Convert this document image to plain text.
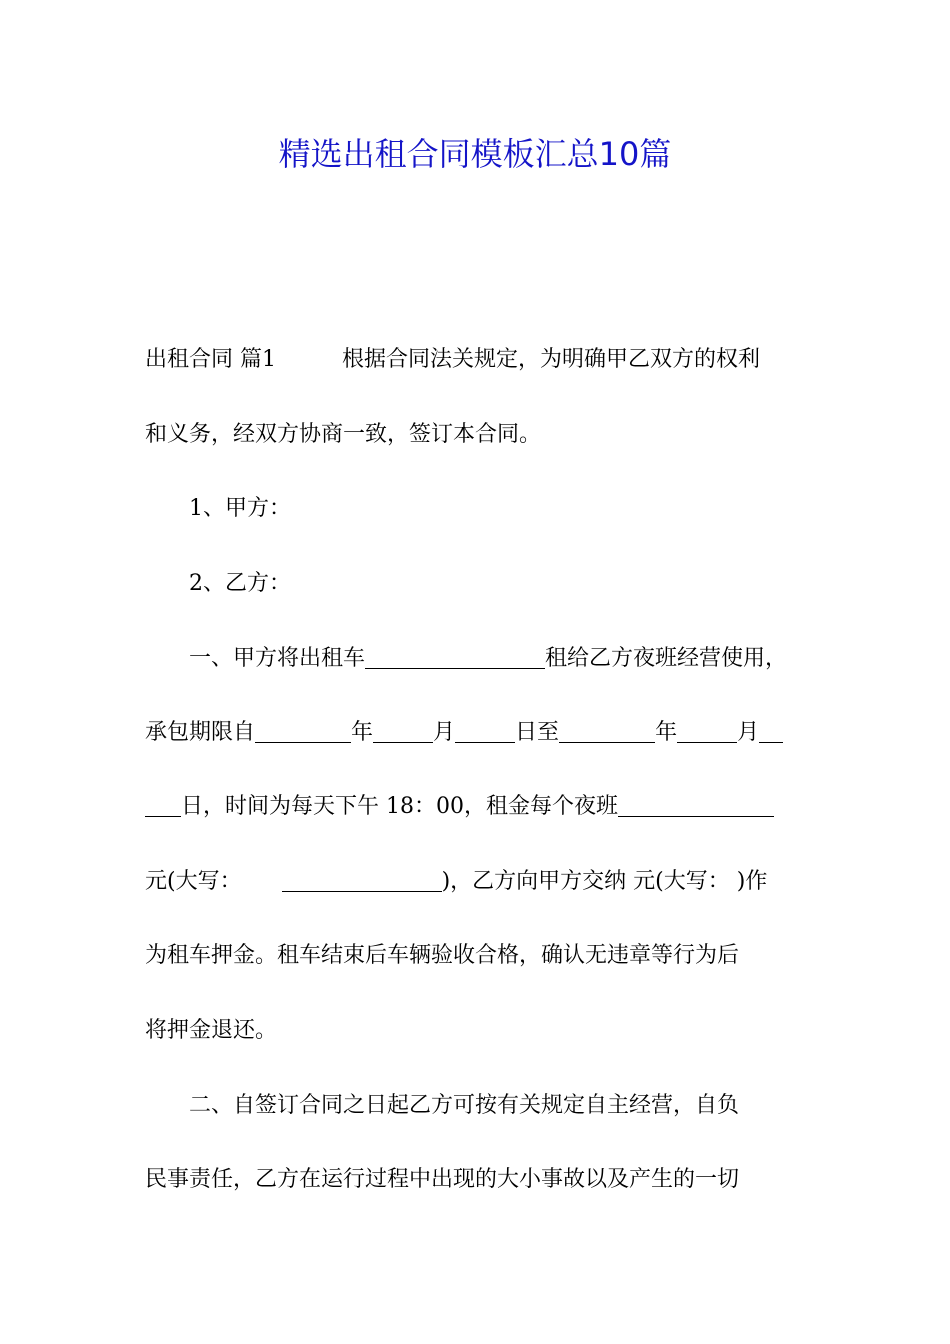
精选出租合同模板汇总10篇

出租合同 篇1　　　根据合同法关规定，为明确甲乙双方的权利

和义务，经双方协商一致，签订本合同。

　　1、甲方：

　　2、乙方：

　　一、甲方将出租车	租给乙方夜班经营使用，

承包期限自	年	月	日至	年	月

日，时间为每天下午 18：00，租金每个夜班

元(大写：	)，乙方向甲方交纳 元(大写： )作

为租车押金。租车结束后车辆验收合格，确认无违章等行为后

将押金退还。

　　二、自签订合同之日起乙方可按有关规定自主经营，自负

民事责任，乙方在运行过程中出现的大小事故以及产生的一切
